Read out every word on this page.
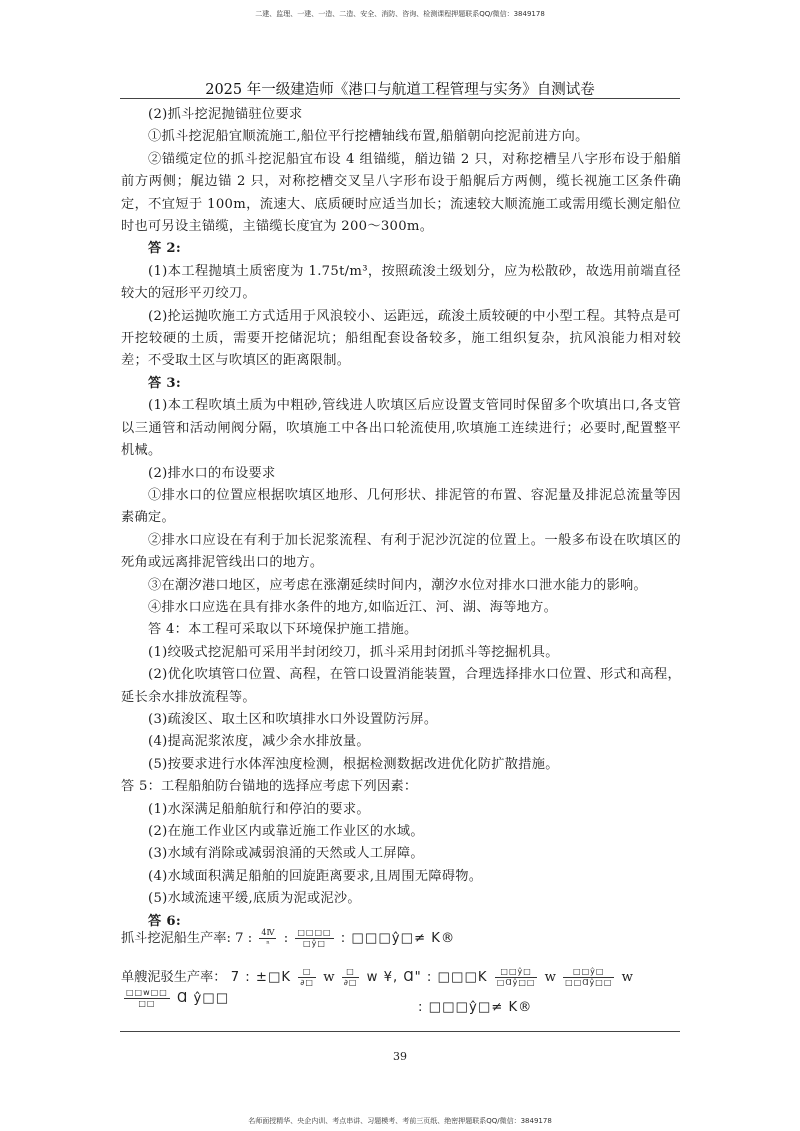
二建、监理、一建、一造、二造、安全、消防、咨询、检测课程押题联系QQ/微信：3849178
2025 年一级建造师《港口与航道工程管理与实务》自测试卷

(2)抓斗挖泥抛锚驻位要求

①抓斗挖泥船宜顺流施工,船位平行挖槽轴线布置,船艏朝向挖泥前进方向。

②锚缆定位的抓斗挖泥船宜布设 4 组锚缆，艏边锚 2 只，对称挖槽呈八字形布设于船艏前方两侧；艉边锚 2 只，对称挖槽交叉呈八字形布设于船艉后方两侧，缆长视施工区条件确定，不宜短于 100m，流速大、底质硬时应适当加长；流速较大顺流施工或需用缆长测定船位时也可另设主锚缆，主锚缆长度宜为 200～300m。

答 2:

(1)本工程抛填土质密度为 1.75t/m³，按照疏浚土级划分，应为松散砂，故选用前端直径较大的冠形平刃绞刀。

(2)抡运抛吹施工方式适用于风浪较小、运距远，疏浚土质较硬的中小型工程。其特点是可开挖较硬的土质，需要开挖储泥坑；船组配套设备较多，施工组织复杂，抗风浪能力相对较差；不受取土区与吹填区的距离限制。

答 3:

(1)本工程吹填土质为中粗砂,管线进人吹填区后应设置支管同时保留多个吹填出口,各支管以三通管和活动闸阀分隔，吹填施工中各出口轮流使用,吹填施工连续进行；必要时,配置整平机械。

(2)排水口的布设要求

①排水口的位置应根据吹填区地形、几何形状、排泥管的布置、容泥量及排泥总流量等因素确定。

②排水口应设在有利于加长泥浆流程、有利于泥沙沉淀的位置上。一般多布设在吹填区的死角或远离排泥管线出口的地方。

③在潮汐港口地区，应考虑在涨潮延续时间内，潮汐水位对排水口泄水能力的影响。

④排水口应选在具有排水条件的地方,如临近江、河、湖、海等地方。

答 4：本工程可采取以下环境保护施工措施。

(1)绞吸式挖泥船可采用半封闭绞刀，抓斗采用封闭抓斗等挖掘机具。

(2)优化吹填管口位置、高程，在管口设置消能装置，合理选择排水口位置、形式和高程，延长余水排放流程等。

(3)疏浚区、取土区和吹填排水口外设置防污屏。

(4)提高泥浆浓度，减少余水排放量。

(5)按要求进行水体浑浊度检测，根据检测数据改进优化防扩散措施。

答 5：工程船舶防台锚地的选择应考虑下列因素：

(1)水深满足船舶航行和停泊的要求。

(2)在施工作业区内或靠近施工作业区的水域。

(3)水域有消除或减弱浪涌的天然或人工屏障。

(4)水域面积满足船舶的回旋距离要求,且周围无障碍物。

(5)水域流速平缓,底质为泥或泥沙。

答 6:

抓斗挖泥船生产率: 7 : $\frac{\text{4Ⅳ}}{\text{ⁿ}}$ : $\frac{□□□□}{□ŷ□}$ : □□□ŷ□≠ K®
单艘泥驳生产率： 7 : ±□K $\frac{□}{\partial□}$ w $\frac{□}{\partial□}$ w ¥, Ɑ" : □□□K $\frac{□□ŷ□}{\text{□Ɑŷ□□}}$ w $\frac{□□ŷ□}{\text{□□Ɑŷ□□}}$ w
$\frac{□□w□□}{□□}$ Ɑ ŷ□□
: □□□ŷ□≠ K®
39
名师面授精华、央企内训、考点串讲、习题模考、考前三页纸、绝密押题联系QQ/微信：3849178
